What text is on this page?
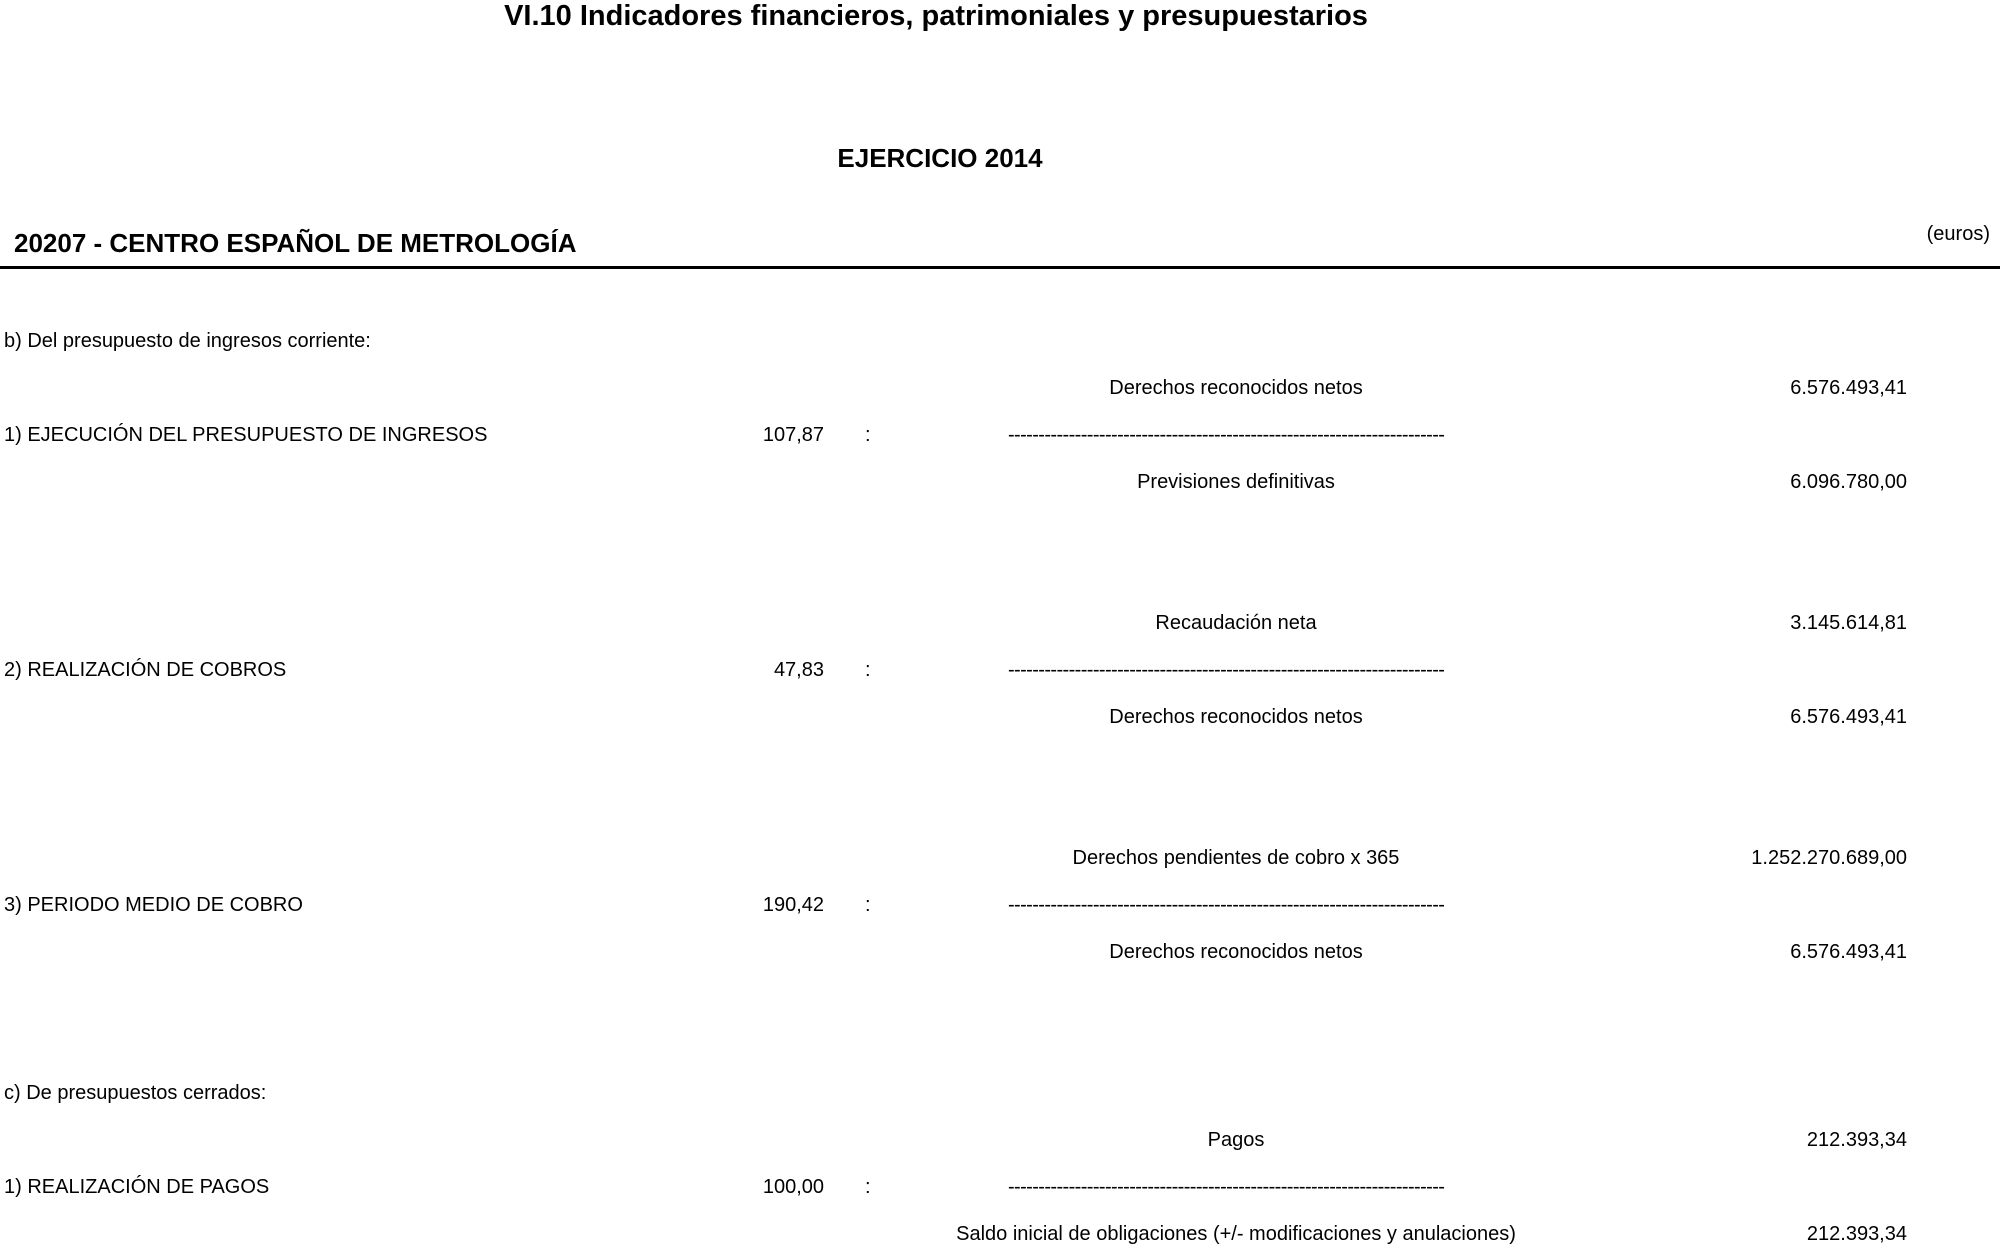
VI.10 Indicadores financieros, patrimoniales y presupuestarios
EJERCICIO 2014
20207 - CENTRO ESPAÑOL DE METROLOGÍA	(euros)
b) Del presupuesto de ingresos corriente:
Derechos reconocidos netos	6.576.493,41
1) EJECUCIÓN DEL PRESUPUESTO DE INGRESOS	107,87 :	------------------------------------------------------------------------
Previsiones definitivas	6.096.780,00
Recaudación neta	3.145.614,81
2) REALIZACIÓN DE COBROS	47,83 :	------------------------------------------------------------------------
Derechos reconocidos netos	6.576.493,41
Derechos pendientes de cobro x 365	1.252.270.689,00
3) PERIODO MEDIO DE COBRO	190,42 :	------------------------------------------------------------------------
Derechos reconocidos netos	6.576.493,41
c) De presupuestos cerrados:
Pagos	212.393,34
1) REALIZACIÓN DE PAGOS	100,00 :	------------------------------------------------------------------------
Saldo inicial de obligaciones (+/- modificaciones y anulaciones)	212.393,34
